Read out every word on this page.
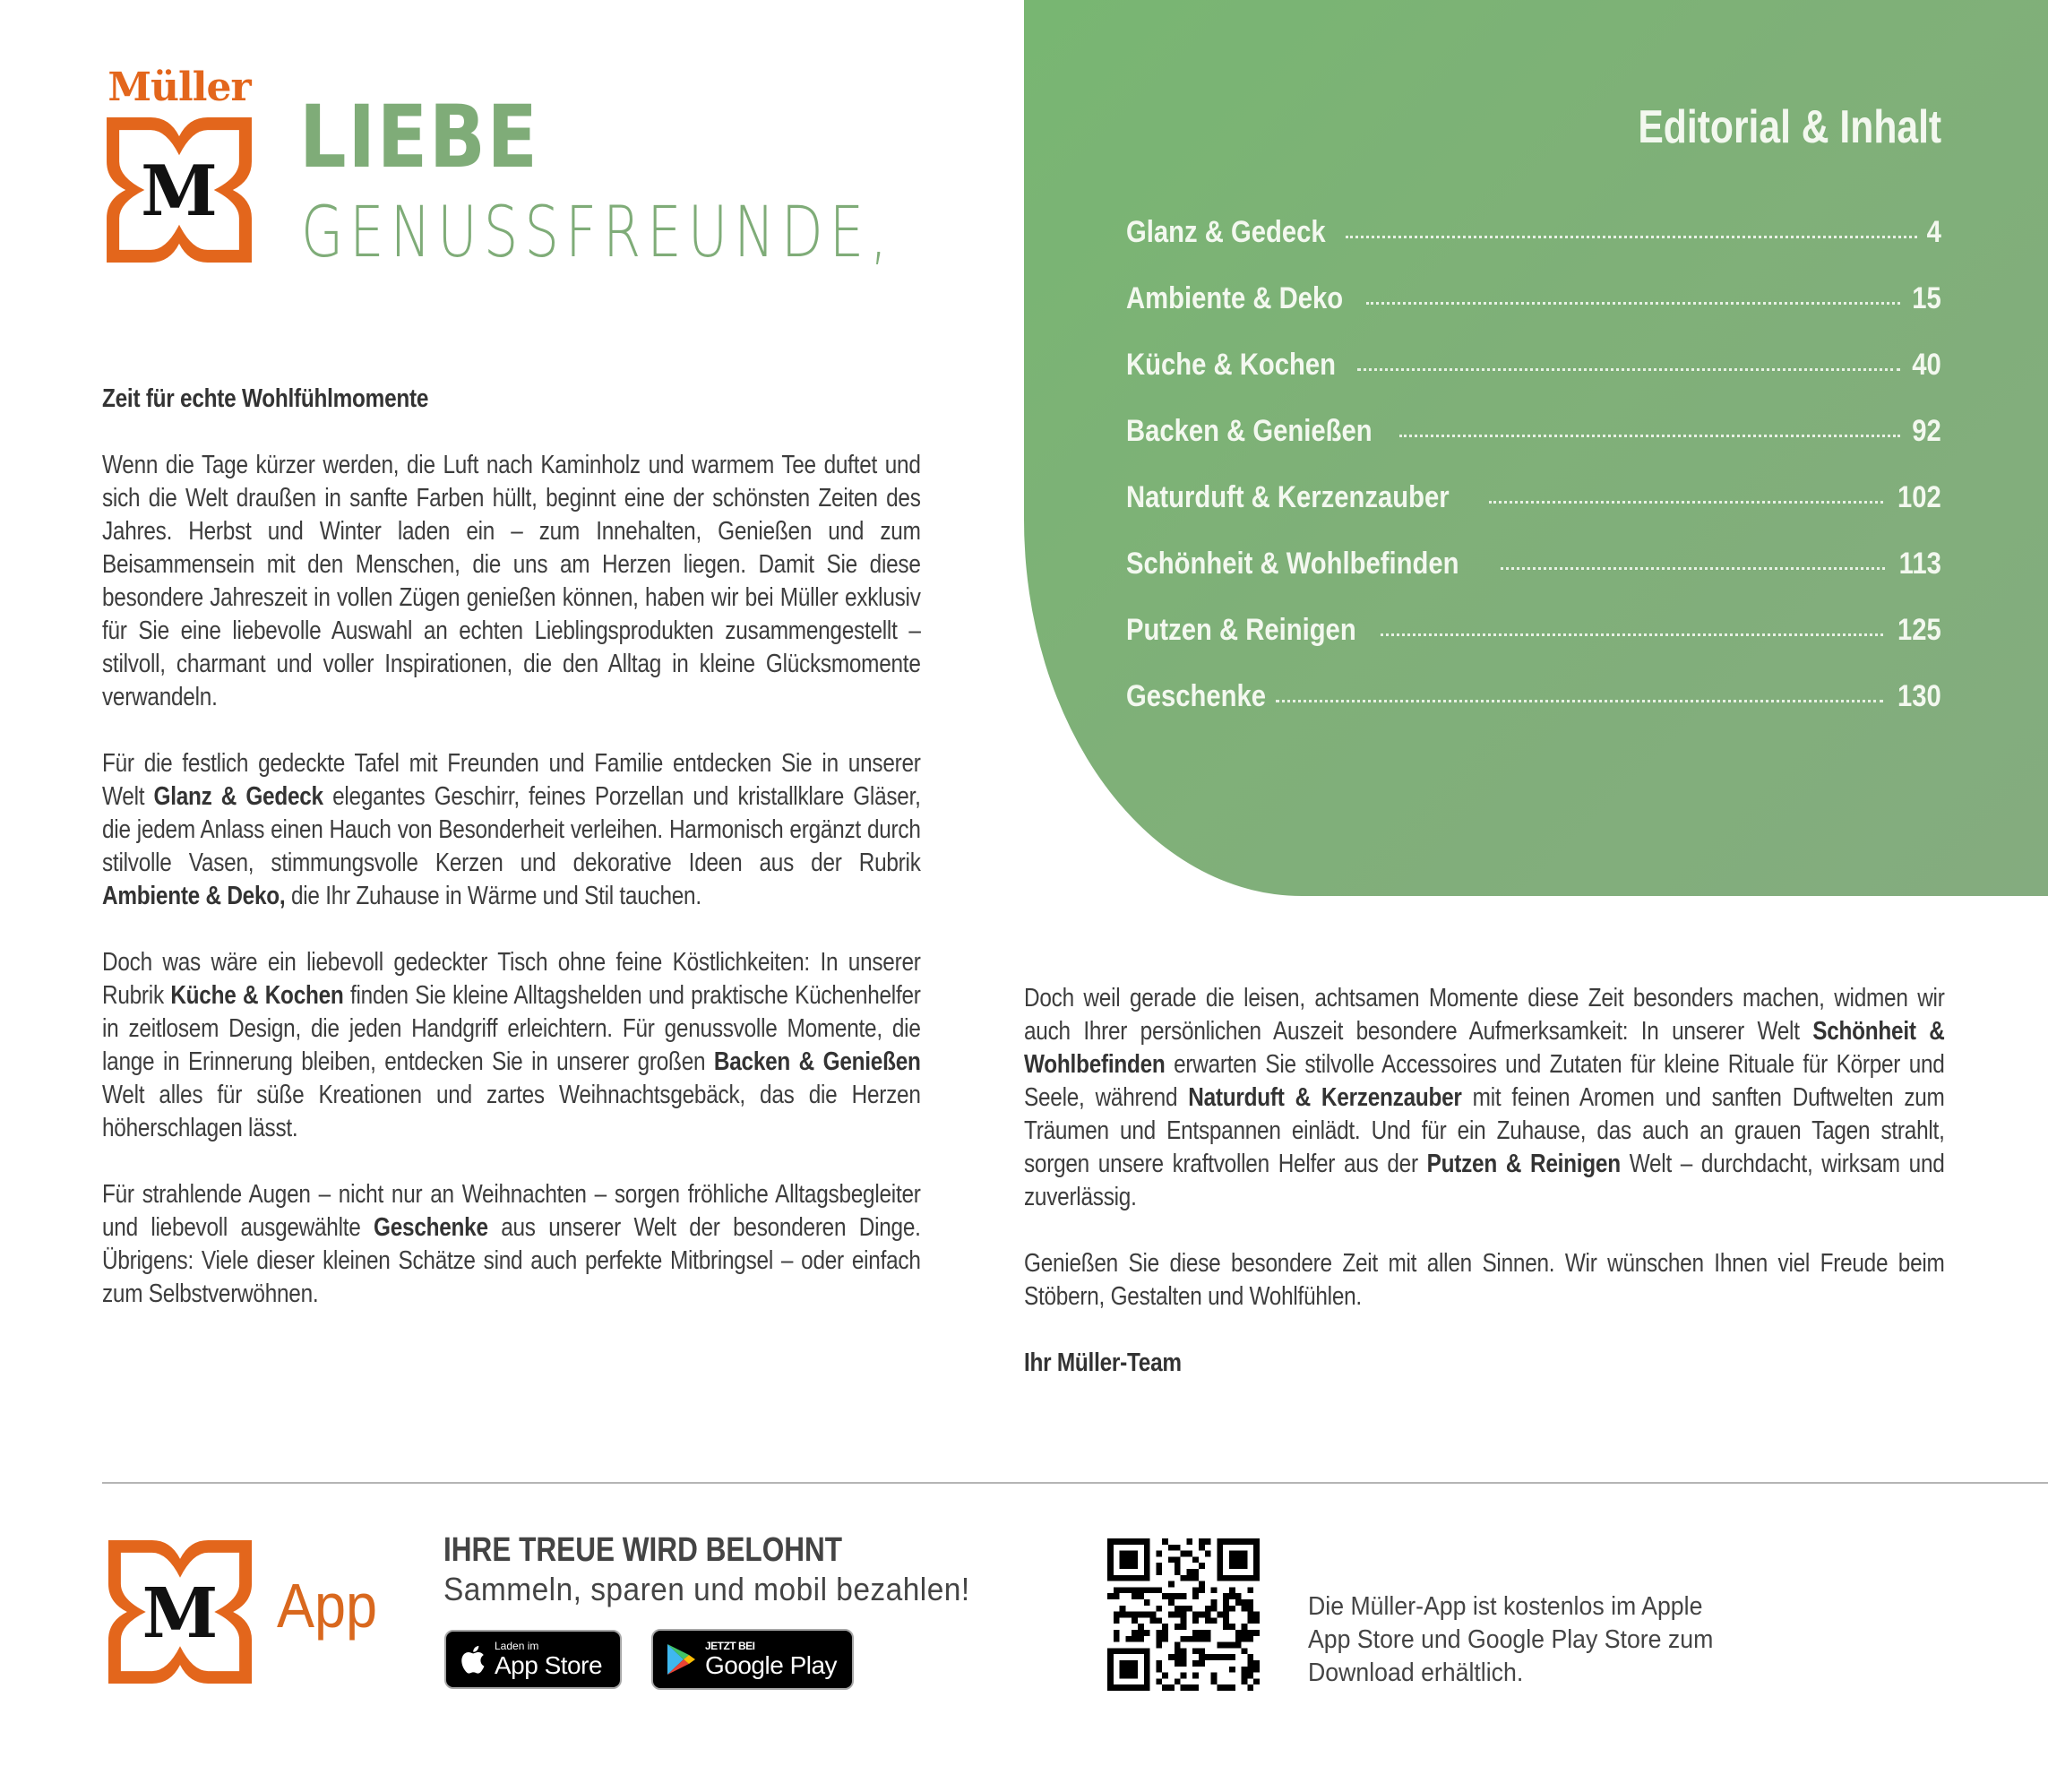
Editorial & Inhalt
Glanz & Gedeck	4
Ambiente & Deko	15
Küche & Kochen	40
Backen & Genießen	92
Naturduft & Kerzenzauber	102
Schönheit & Wohlbefinden	113
Putzen & Reinigen	125
Geschenke	130
Müller
M
LIEBE
GENUSSFREUNDE,

Zeit für echte Wohlfühlmomente

Wenn die Tage kürzer werden, die Luft nach Kaminholz und warmem Tee duftet und sich die Welt draußen in sanfte Farben hüllt, beginnt eine der schönsten Zeiten des Jahres. Herbst und Winter laden ein – zum Innehalten, Genießen und zum Beisammensein mit den Menschen, die uns am Herzen liegen. Damit Sie diese besondere Jahreszeit in vollen Zügen genießen können, haben wir bei Müller exklusiv für Sie eine liebevolle Auswahl an echten Lieblingsprodukten zusammengestellt – stilvoll, charmant und voller Inspirationen, die den Alltag in kleine Glücksmomente verwandeln.

Für die festlich gedeckte Tafel mit Freunden und Familie entdecken Sie in unserer Welt Glanz & Gedeck elegantes Geschirr, feines Porzellan und kristallklare Gläser, die jedem Anlass einen Hauch von Besonderheit verleihen. Harmonisch ergänzt durch stilvolle Vasen, stimmungsvolle Kerzen und dekorative Ideen aus der Rubrik Ambiente & Deko, die Ihr Zuhause in Wärme und Stil tauchen.

Doch was wäre ein liebevoll gedeckter Tisch ohne feine Köstlichkeiten: In unserer Rubrik Küche & Kochen finden Sie kleine Alltagshelden und praktische Küchenhelfer in zeitlosem Design, die jeden Handgriff erleichtern. Für genussvolle Momente, die lange in Erinnerung bleiben, entdecken Sie in unserer großen Backen & Genießen Welt alles für süße Kreationen und zartes Weihnachtsgebäck, das die Herzen höherschlagen lässt.

Für strahlende Augen – nicht nur an Weihnachten – sorgen fröhliche Alltagsbegleiter und liebevoll ausgewählte Geschenke aus unserer Welt der besonderen Dinge. Übrigens: Viele dieser kleinen Schätze sind auch perfekte Mitbringsel – oder einfach zum Selbstverwöhnen.

Doch weil gerade die leisen, achtsamen Momente diese Zeit besonders machen, widmen wir auch Ihrer persönlichen Auszeit besondere Aufmerksamkeit: In unserer Welt Schönheit & Wohlbefinden erwarten Sie stilvolle Accessoires und Zutaten für kleine Rituale für Körper und Seele, während Naturduft & Kerzenzauber mit feinen Aromen und sanften Duftwelten zum Träumen und Entspannen einlädt. Und für ein Zuhause, das auch an grauen Tagen strahlt, sorgen unsere kraftvollen Helfer aus der Putzen & Reinigen Welt – durchdacht, wirksam und zuverlässig.

Genießen Sie diese besondere Zeit mit allen Sinnen. Wir wünschen Ihnen viel Freude beim Stöbern, Gestalten und Wohlfühlen.

Ihr Müller-Team

M App
IHRE TREUE WIRD BELOHNT
Sammeln, sparen und mobil bezahlen!
Laden im
App Store
JETZT BEI
Google Play
Die Müller-App ist kostenlos im Apple
App Store und Google Play Store zum
Download erhältlich.
